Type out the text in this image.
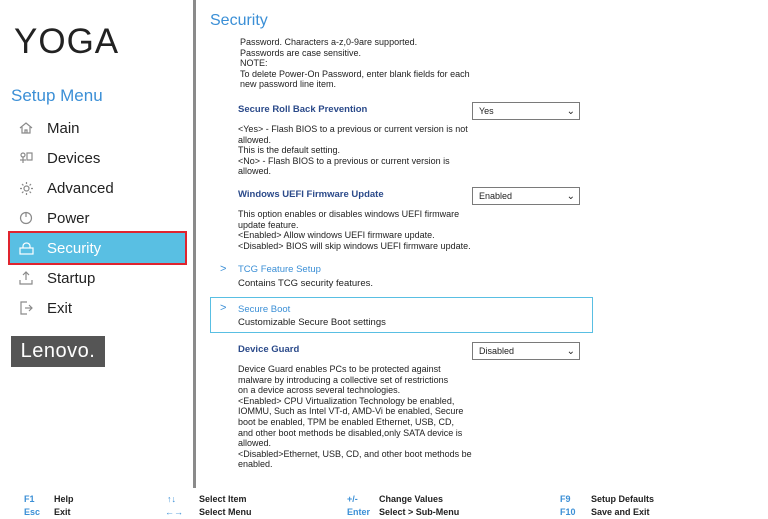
YOGA
Setup Menu
Main
Devices
Advanced
Power
Security
Startup
Exit
Lenovo.
Security
Password. Characters a-z,0-9are supported.
Passwords are case sensitive.
NOTE:
To delete Power-On Password, enter blank fields for each
new password line item.
Secure Roll Back Prevention	Yes	⌄
<Yes> - Flash BIOS to a previous or current version is not
allowed.
This is the default setting.
<No> - Flash BIOS to a previous or current version is
allowed.
Windows UEFI Firmware Update	Enabled	⌄
This option enables or disables windows UEFI firmware
update feature.
<Enabled> Allow windows UEFI firmware update.
<Disabled> BIOS will skip windows UEFI firmware update.
> TCG Feature Setup
Contains TCG security features.
> Secure Boot
Customizable Secure Boot settings
Device Guard	Disabled	⌄
Device Guard enables PCs to be protected against
malware by introducing a collective set of restrictions
on a device across several technologies.
<Enabled> CPU Virtualization Technology be enabled,
IOMMU, Such as Intel VT-d, AMD-Vi be enabled, Secure
boot be enabled, TPM be enabled Ethernet, USB, CD,
and other boot methods be disabled,only SATA device is
allowed.
<Disabled>Ethernet, USB, CD, and other boot methods be
enabled.
F1 Help
Esc Exit
↑↓	Select Item
←→ Select Menu
+/- Change Values
Enter Select > Sub-Menu
F9 Setup Defaults
F10 Save and Exit
